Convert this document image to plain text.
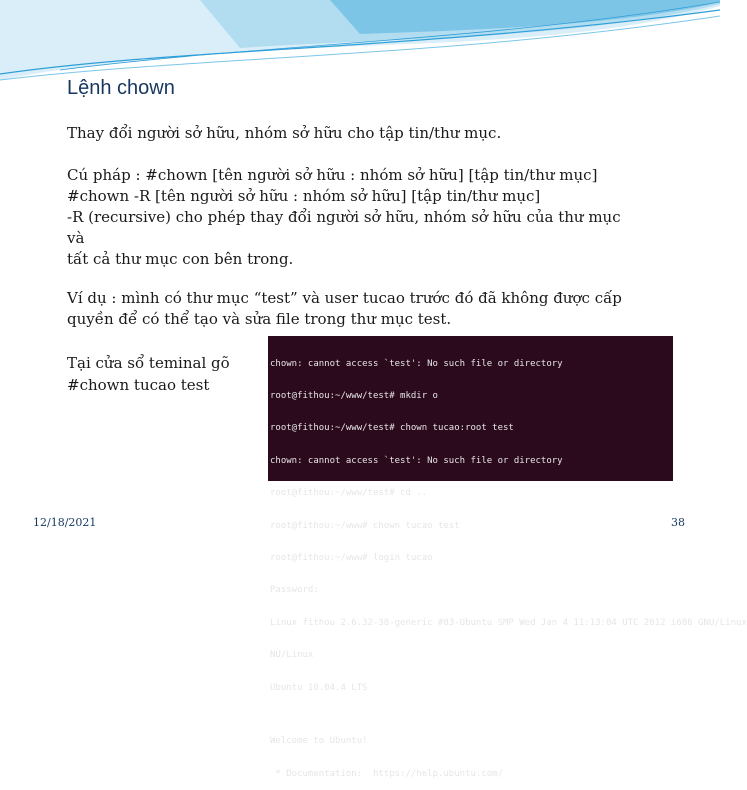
Lệnh chown

Thay đổi người sở hữu, nhóm sở hữu cho tập tin/thư mục.

Cú pháp : #chown [tên người sở hữu : nhóm sở hữu] [tập tin/thư mục]

#chown -R [tên người sở hữu : nhóm sở hữu] [tập tin/thư mục]

-R (recursive) cho phép thay đổi người sở hữu, nhóm sở hữu của thư mục

và

tất cả thư mục con bên trong.

Ví dụ : mình có thư mục “test” và user tucao trước đó đã không được cấp

quyền để có thể tạo và sửa file trong thư mục test.

chown: cannot access `test': No such file or directory

root@fithou:~/www/test# mkdir o

root@fithou:~/www/test# chown tucao:root test

chown: cannot access `test': No such file or directory

root@fithou:~/www/test# cd ..

root@fithou:~/www# chown tucao test

root@fithou:~/www# login tucao

Password:

Linux fithou 2.6.32-38-generic #83-Ubuntu SMP Wed Jan 4 11:13:04 UTC 2012 i686 GNU/Linux

NU/Linux

Ubuntu 10.04.4 LTS

Welcome to Ubuntu!

* Documentation:  https://help.ubuntu.com/

Tại cửa sổ teminal gõ
#chown tucao test
12/18/2021	38
